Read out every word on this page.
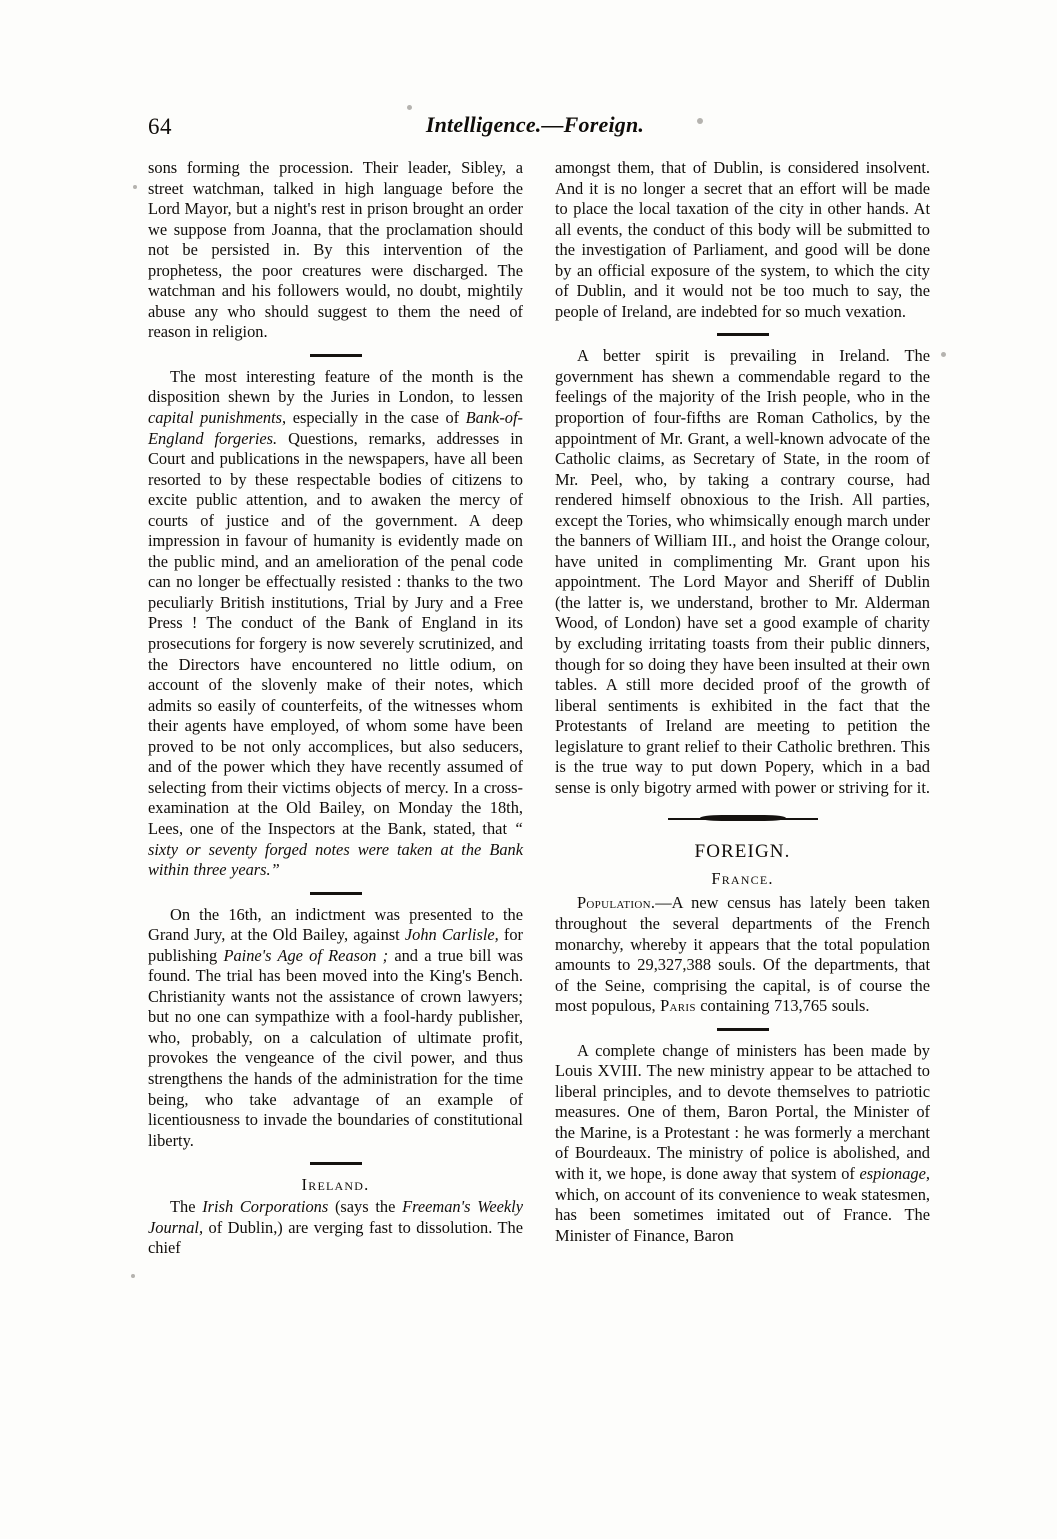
64	Intelligence.—Foreign.

sons forming the procession. Their leader, Sibley, a street watchman, talked in high language before the Lord Mayor, but a night's rest in prison brought an order we suppose from Joanna, that the proclamation should not be persisted in. By this intervention of the prophetess, the poor creatures were discharged. The watchman and his followers would, no doubt, mightily abuse any who should suggest to them the need of reason in religion.

The most interesting feature of the month is the disposition shewn by the Juries in London, to lessen capital punishments, especially in the case of Bank-of-England forgeries. Questions, remarks, addresses in Court and publications in the newspapers, have all been resorted to by these respectable bodies of citizens to excite public attention, and to awaken the mercy of courts of justice and of the government. A deep impression in favour of humanity is evidently made on the public mind, and an amelioration of the penal code can no longer be effectually resisted : thanks to the two peculiarly British institutions, Trial by Jury and a Free Press ! The conduct of the Bank of England in its prosecutions for forgery is now severely scrutinized, and the Directors have encountered no little odium, on account of the slovenly make of their notes, which admits so easily of counterfeits, of the witnesses whom their agents have employed, of whom some have been proved to be not only accomplices, but also seducers, and of the power which they have recently assumed of selecting from their victims objects of mercy. In a cross-examination at the Old Bailey, on Monday the 18th, Lees, one of the Inspectors at the Bank, stated, that “ sixty or seventy forged notes were taken at the Bank within three years.”

On the 16th, an indictment was presented to the Grand Jury, at the Old Bailey, against John Carlisle, for publishing Paine's Age of Reason ; and a true bill was found. The trial has been moved into the King's Bench. Christianity wants not the assistance of crown lawyers; but no one can sympathize with a fool-hardy publisher, who, probably, on a calculation of ultimate profit, provokes the vengeance of the civil power, and thus strengthens the hands of the administration for the time being, who take advantage of an example of licentiousness to invade the boundaries of constitutional liberty.

Ireland.

The Irish Corporations (says the Freeman's Weekly Journal, of Dublin,) are verging fast to dissolution. The chief

amongst them, that of Dublin, is considered insolvent. And it is no longer a secret that an effort will be made to place the local taxation of the city in other hands. At all events, the conduct of this body will be submitted to the investigation of Parliament, and good will be done by an official exposure of the system, to which the city of Dublin, and it would not be too much to say, the people of Ireland, are indebted for so much vexation.

A better spirit is prevailing in Ireland. The government has shewn a commendable regard to the feelings of the majority of the Irish people, who in the proportion of four-fifths are Roman Catholics, by the appointment of Mr. Grant, a well-known advocate of the Catholic claims, as Secretary of State, in the room of Mr. Peel, who, by taking a contrary course, had rendered himself obnoxious to the Irish. All parties, except the Tories, who whimsically enough march under the banners of William III., and hoist the Orange colour, have united in complimenting Mr. Grant upon his appointment. The Lord Mayor and Sheriff of Dublin (the latter is, we understand, brother to Mr. Alderman Wood, of London) have set a good example of charity by excluding irritating toasts from their public dinners, though for so doing they have been insulted at their own tables. A still more decided proof of the growth of liberal sentiments is exhibited in the fact that the Protestants of Ireland are meeting to petition the legislature to grant relief to their Catholic brethren. This is the true way to put down Popery, which in a bad sense is only bigotry armed with power or striving for it.

FOREIGN.
France.

Population.—A new census has lately been taken throughout the several departments of the French monarchy, whereby it appears that the total population amounts to 29,327,388 souls. Of the departments, that of the Seine, comprising the capital, is of course the most populous, Paris containing 713,765 souls.

A complete change of ministers has been made by Louis XVIII. The new ministry appear to be attached to liberal principles, and to devote themselves to patriotic measures. One of them, Baron Portal, the Minister of the Marine, is a Protestant : he was formerly a merchant of Bourdeaux. The ministry of police is abolished, and with it, we hope, is done away that system of espionage, which, on account of its convenience to weak statesmen, has been sometimes imitated out of France. The Minister of Finance, Baron
